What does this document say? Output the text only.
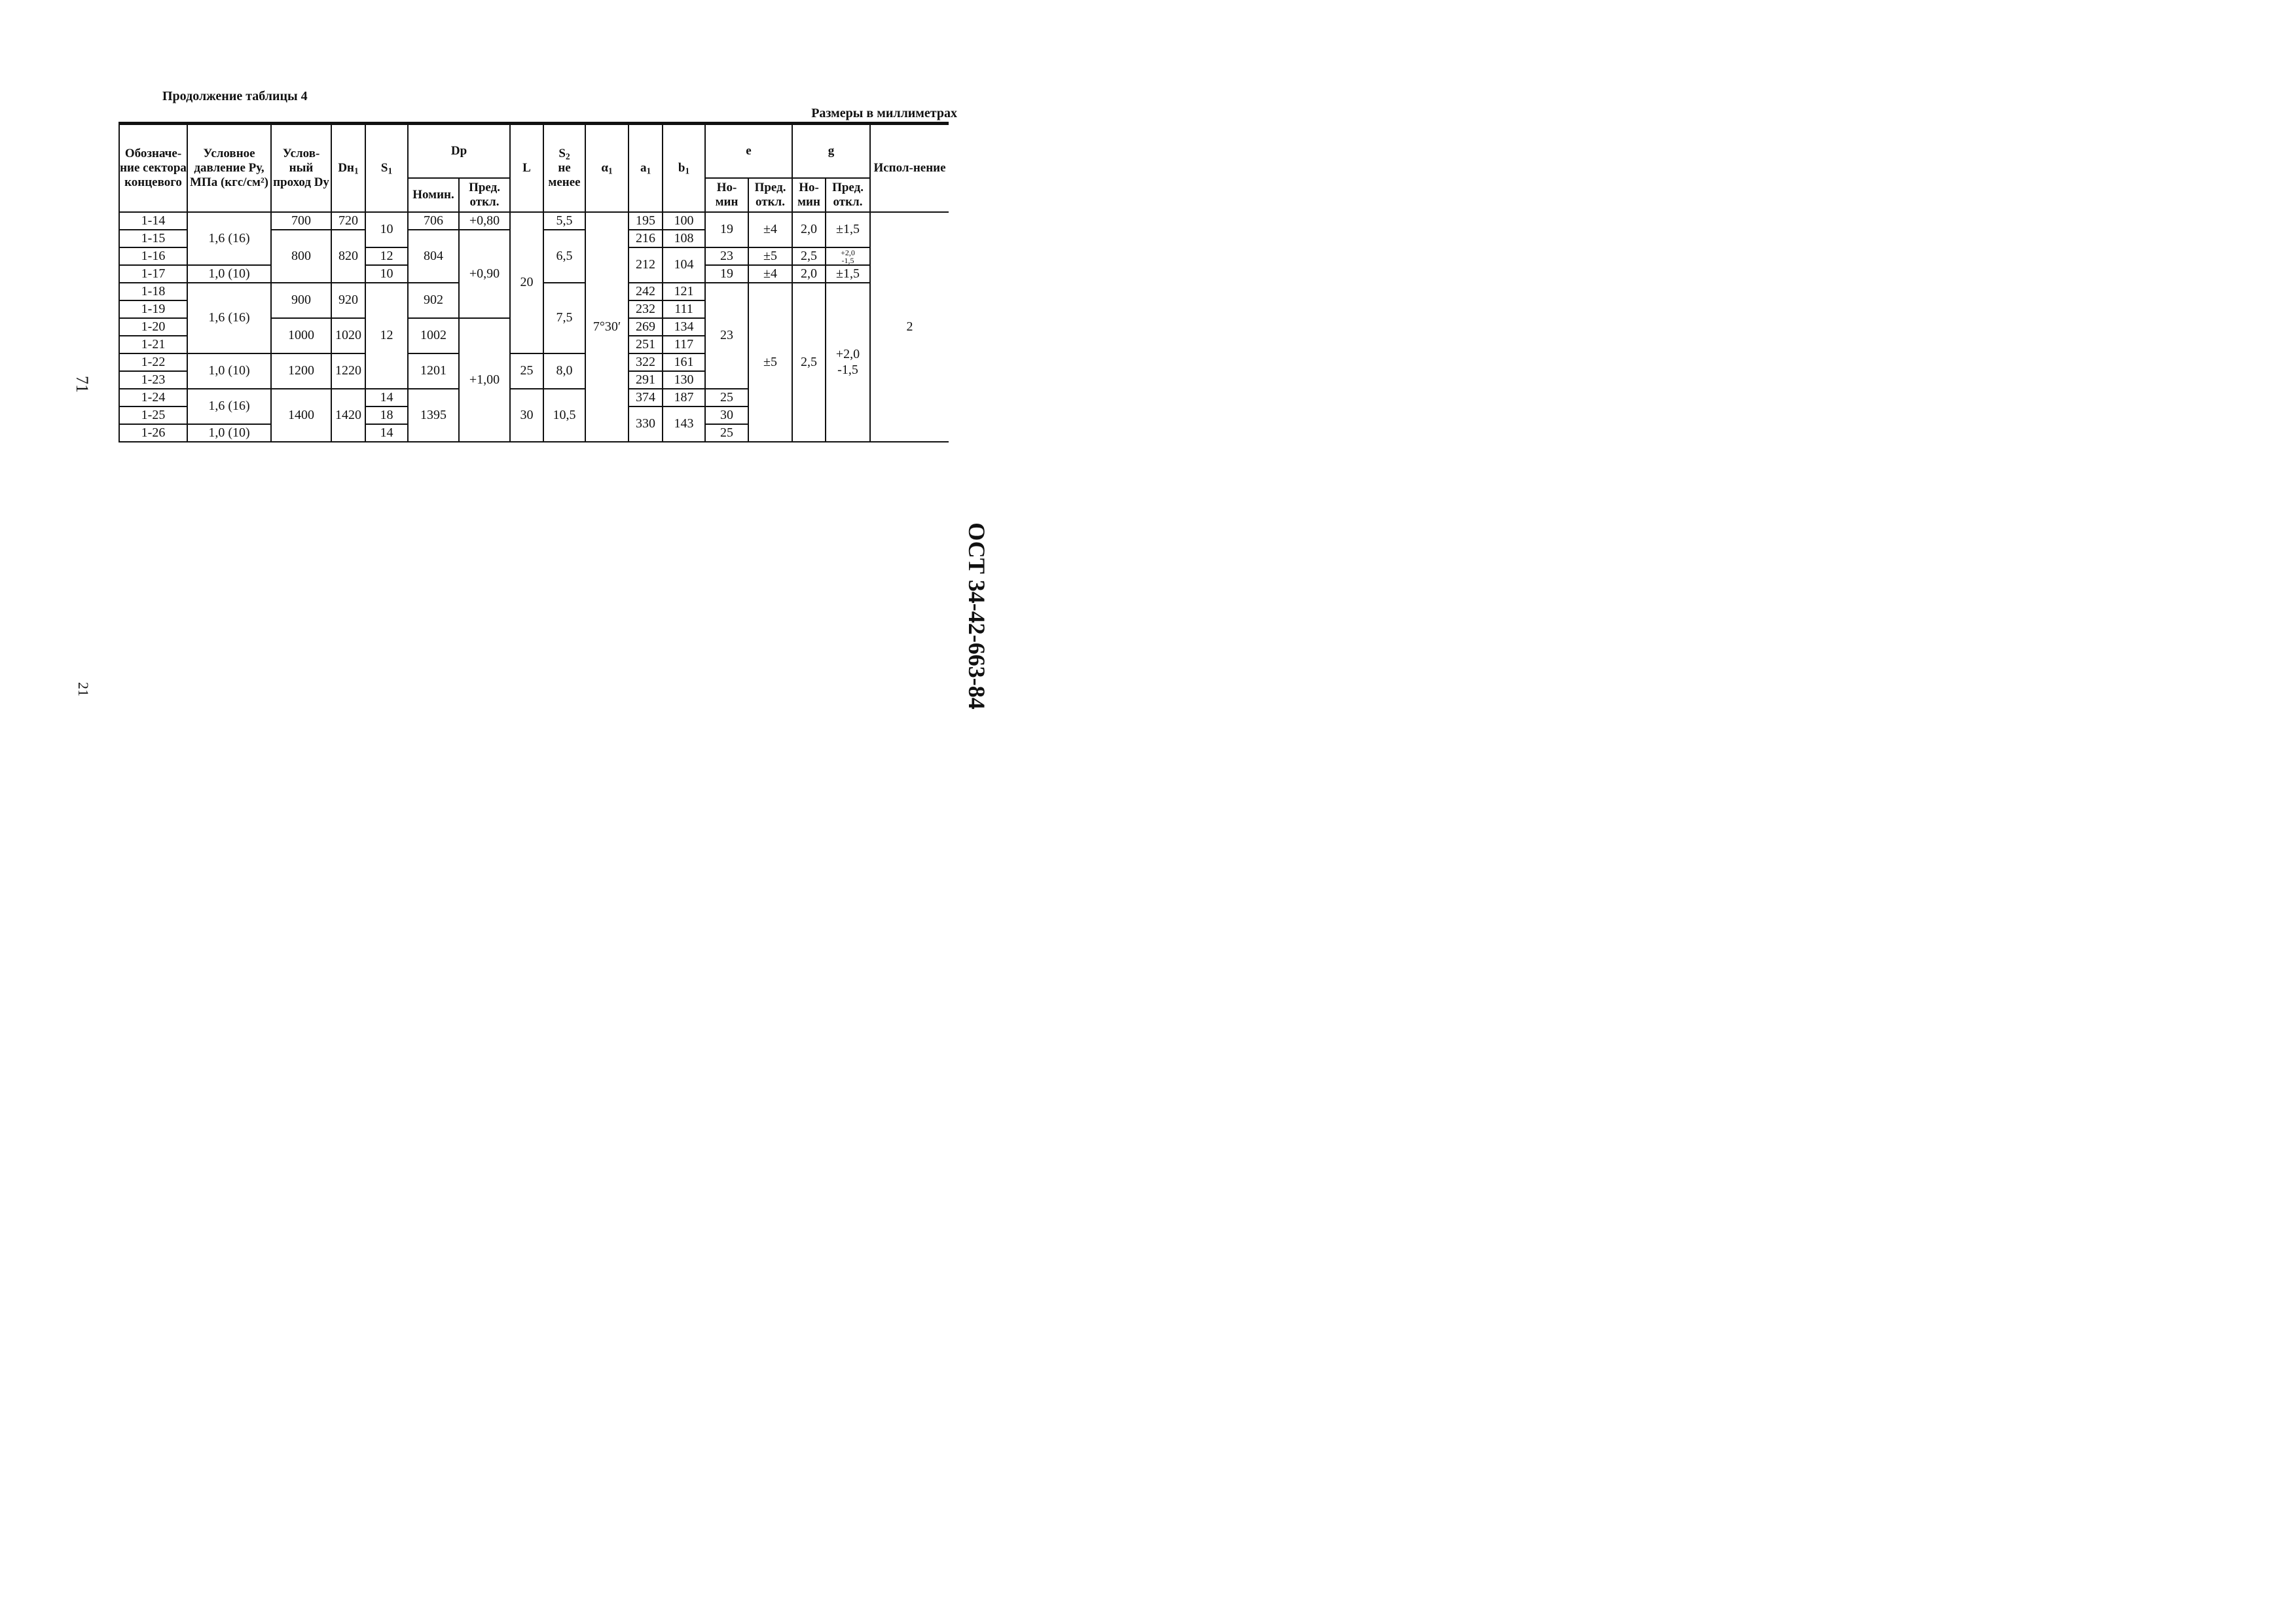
Продолжение таблицы 4
Размеры в миллиметрах
71
21	ОСТ 34-42-663-84
Обозначе-ние сектора концевого	Условное давление Ру, МПа (кгс/см²)	Услов-ный проход Dy	$Dн_1$	$S_1$	Dp		L	$S_2$
не менее	$\alpha_1$	$a_1$	$b_1$	e		g		Испол-нение
					Номин.	Пред. откл.						Но-мин	Пред. откл.	Но-мин	Пред. откл.	
1-14	1,6 (16)	700	720	10	706	+0,80	20	5,5	7°30′	195	100	19	±4	2,0	±1,5	2
1-15		800	820		804	+0,90		6,5		216	108					
1-16				12						212	104	23	±5	2,5	+2,0
-1,5	
1-17	1,0 (10)			10								19	±4	2,0	±1,5	
1-18	1,6 (16)	900	920	12	902			7,5		242	121	23	±5	2,5	+2,0
-1,5	
1-19										232	111					
1-20		1000	1020		1002	+1,00				269	134					
1-21										251	117					
1-22	1,0 (10)	1200	1220		1201		25	8,0		322	161					
1-23										291	130					
1-24	1,6 (16)	1400	1420	14	1395		30	10,5		374	187	25				
1-25				18						330	143	30				
1-26	1,0 (10)			14								25				
